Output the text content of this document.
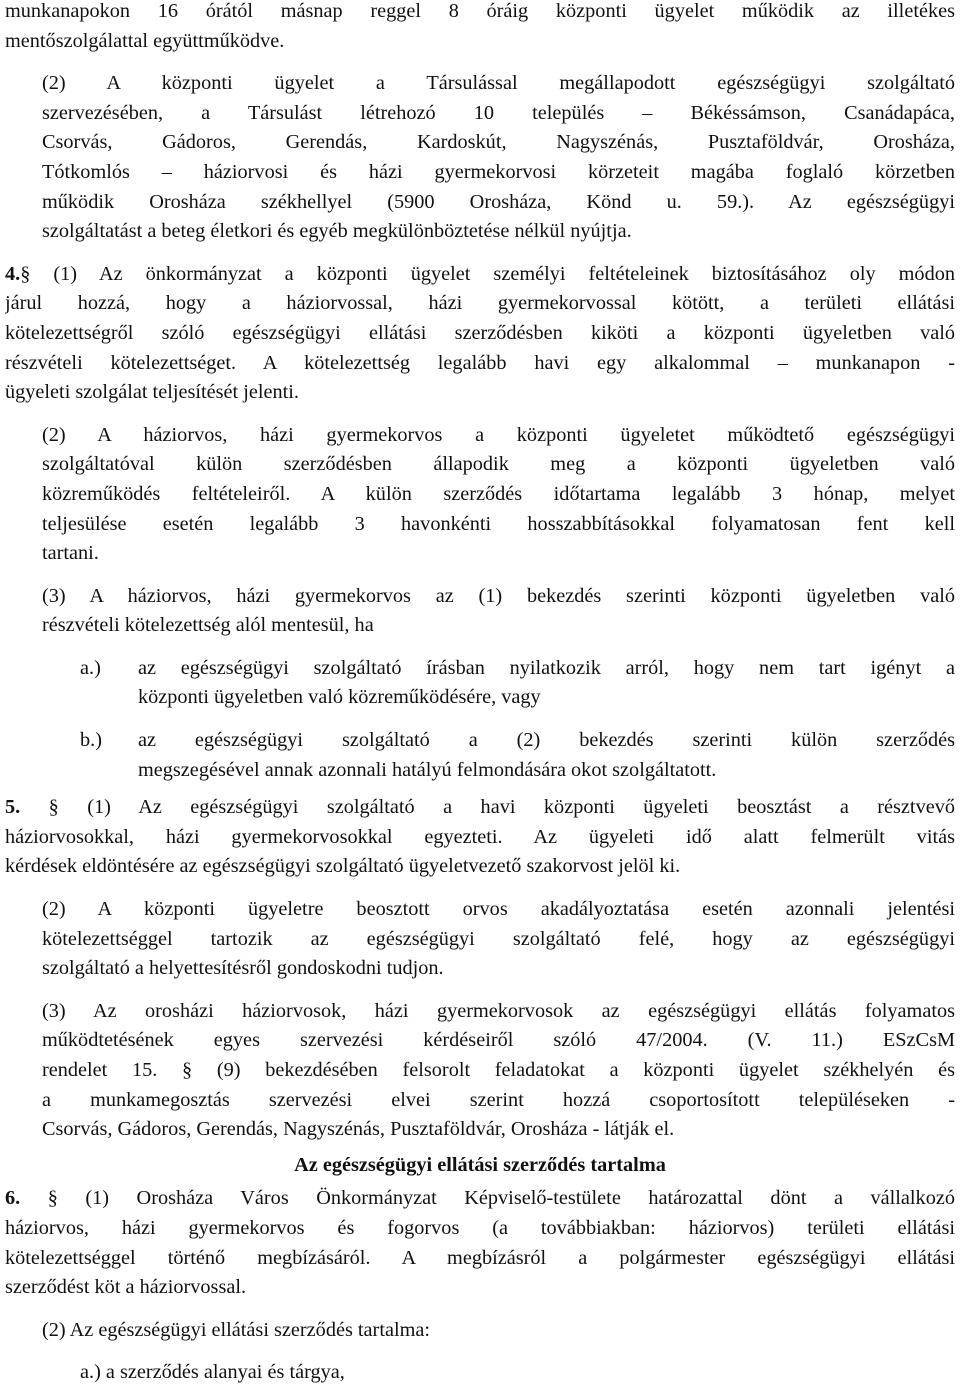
munkanapokon 16 órától másnap reggel 8 óráig központi ügyelet működik az illetékes
mentőszolgálattal együttműködve.
(2) A központi ügyelet a Társulással megállapodott egészségügyi szolgáltató
szervezésében, a Társulást létrehozó 10 település – Békéssámson, Csanádapáca,
Csorvás, Gádoros, Gerendás, Kardoskút, Nagyszénás, Pusztaföldvár, Orosháza,
Tótkomlós – háziorvosi és házi gyermekorvosi körzeteit magába foglaló körzetben
működik Orosháza székhellyel (5900 Orosháza, Könd u. 59.). Az egészségügyi
szolgáltatást a beteg életkori és egyéb megkülönböztetése nélkül nyújtja.
4.§ (1) Az önkormányzat a központi ügyelet személyi feltételeinek biztosításához oly módon
járul hozzá, hogy a háziorvossal, házi gyermekorvossal kötött, a területi ellátási
kötelezettségről szóló egészségügyi ellátási szerződésben kiköti a központi ügyeletben való
részvételi kötelezettséget. A kötelezettség legalább havi egy alkalommal – munkanapon -
ügyeleti szolgálat teljesítését jelenti.
(2) A háziorvos, házi gyermekorvos a központi ügyeletet működtető egészségügyi
szolgáltatóval külön szerződésben állapodik meg a központi ügyeletben való
közreműködés feltételeiről. A külön szerződés időtartama legalább 3 hónap, melyet
teljesülése esetén legalább 3 havonkénti hosszabbításokkal folyamatosan fent kell
tartani.
(3) A háziorvos, házi gyermekorvos az (1) bekezdés szerinti központi ügyeletben való
részvételi kötelezettség alól mentesül, ha
a.) az egészségügyi szolgáltató írásban nyilatkozik arról, hogy nem tart igényt a
központi ügyeletben való közreműködésére, vagy
b.) az egészségügyi szolgáltató a (2) bekezdés szerinti külön szerződés
megszegésével annak azonnali hatályú felmondására okot szolgáltatott.
5. § (1) Az egészségügyi szolgáltató a havi központi ügyeleti beosztást a résztvevő
háziorvosokkal, házi gyermekorvosokkal egyezteti. Az ügyeleti idő alatt felmerült vitás
kérdések eldöntésére az egészségügyi szolgáltató ügyeletvezető szakorvost jelöl ki.
(2) A központi ügyeletre beosztott orvos akadályoztatása esetén azonnali jelentési
kötelezettséggel tartozik az egészségügyi szolgáltató felé, hogy az egészségügyi
szolgáltató a helyettesítésről gondoskodni tudjon.
(3) Az orosházi háziorvosok, házi gyermekorvosok az egészségügyi ellátás folyamatos
működtetésének egyes szervezési kérdéseiről szóló 47/2004. (V. 11.) ESzCsM
rendelet 15. § (9) bekezdésében felsorolt feladatokat a központi ügyelet székhelyén és
a munkamegosztás szervezési elvei szerint hozzá csoportosított településeken -
Csorvás, Gádoros, Gerendás, Nagyszénás, Pusztaföldvár, Orosháza - látják el.
Az egészségügyi ellátási szerződés tartalma
6. § (1) Orosháza Város Önkormányzat Képviselő-testülete határozattal dönt a vállalkozó
háziorvos, házi gyermekorvos és fogorvos (a továbbiakban: háziorvos) területi ellátási
kötelezettséggel történő megbízásáról. A megbízásról a polgármester egészségügyi ellátási
szerződést köt a háziorvossal.
(2) Az egészségügyi ellátási szerződés tartalma:
a.) a szerződés alanyai és tárgya,
